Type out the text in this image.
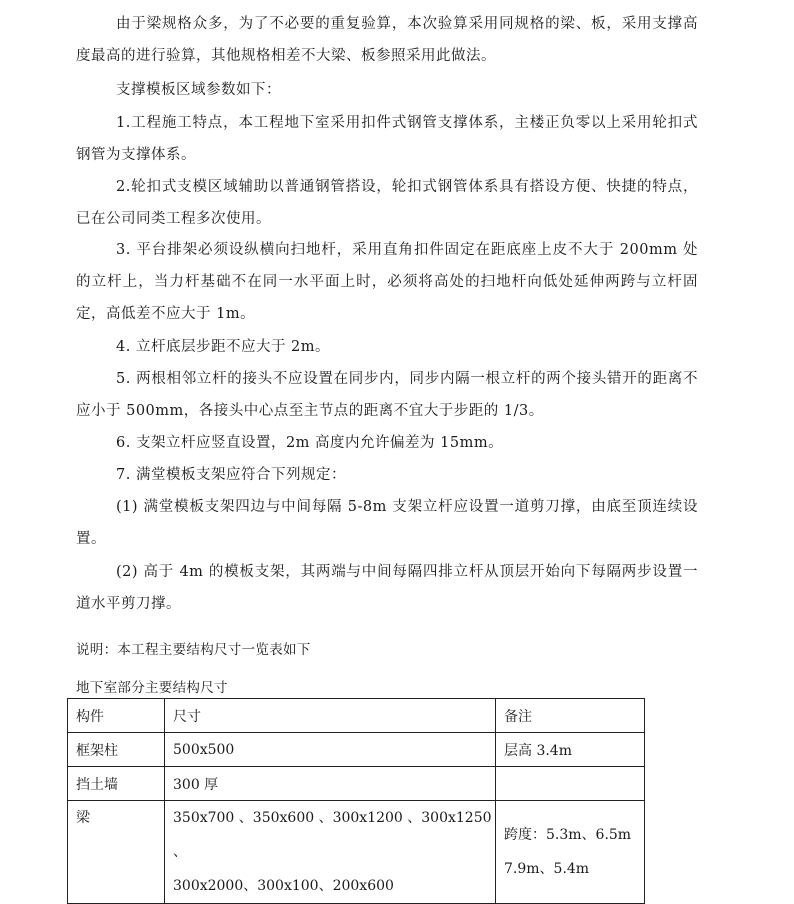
由于梁规格众多，为了不必要的重复验算，本次验算采用同规格的梁、板，采用支撑高度最高的进行验算，其他规格相差不大梁、板参照采用此做法。

支撑模板区域参数如下：

1.工程施工特点，本工程地下室采用扣件式钢管支撑体系，主楼正负零以上采用轮扣式钢管为支撑体系。

2.轮扣式支模区域辅助以普通钢管搭设，轮扣式钢管体系具有搭设方便、快捷的特点，已在公司同类工程多次使用。

3. 平台排架必须设纵横向扫地杆，采用直角扣件固定在距底座上皮不大于 200mm 处的立杆上，当力杆基础不在同一水平面上时，必须将高处的扫地杆向低处延伸两跨与立杆固定，高低差不应大于 1m。

4. 立杆底层步距不应大于 2m。

5. 两根相邻立杆的接头不应设置在同步内，同步内隔一根立杆的两个接头错开的距离不应小于 500mm，各接头中心点至主节点的距离不宜大于步距的 1/3。

6. 支架立杆应竖直设置，2m 高度内允许偏差为 15mm。

7. 满堂模板支架应符合下列规定：

(1) 满堂模板支架四边与中间每隔 5-8m 支架立杆应设置一道剪刀撑，由底至顶连续设置。

(2) 高于 4m 的模板支架，其两端与中间每隔四排立杆从顶层开始向下每隔两步设置一道水平剪刀撑。

说明：本工程主要结构尺寸一览表如下

地下室部分主要结构尺寸

构件	尺寸	备注
框架柱	500x500	层高 3.4m
挡土墙	300 厚	

梁	350x700 、350x600 、300x1200 、300x1250 、
300x2000、300x100、200x600	跨度：5.3m、6.5m
7.9m、5.4m
